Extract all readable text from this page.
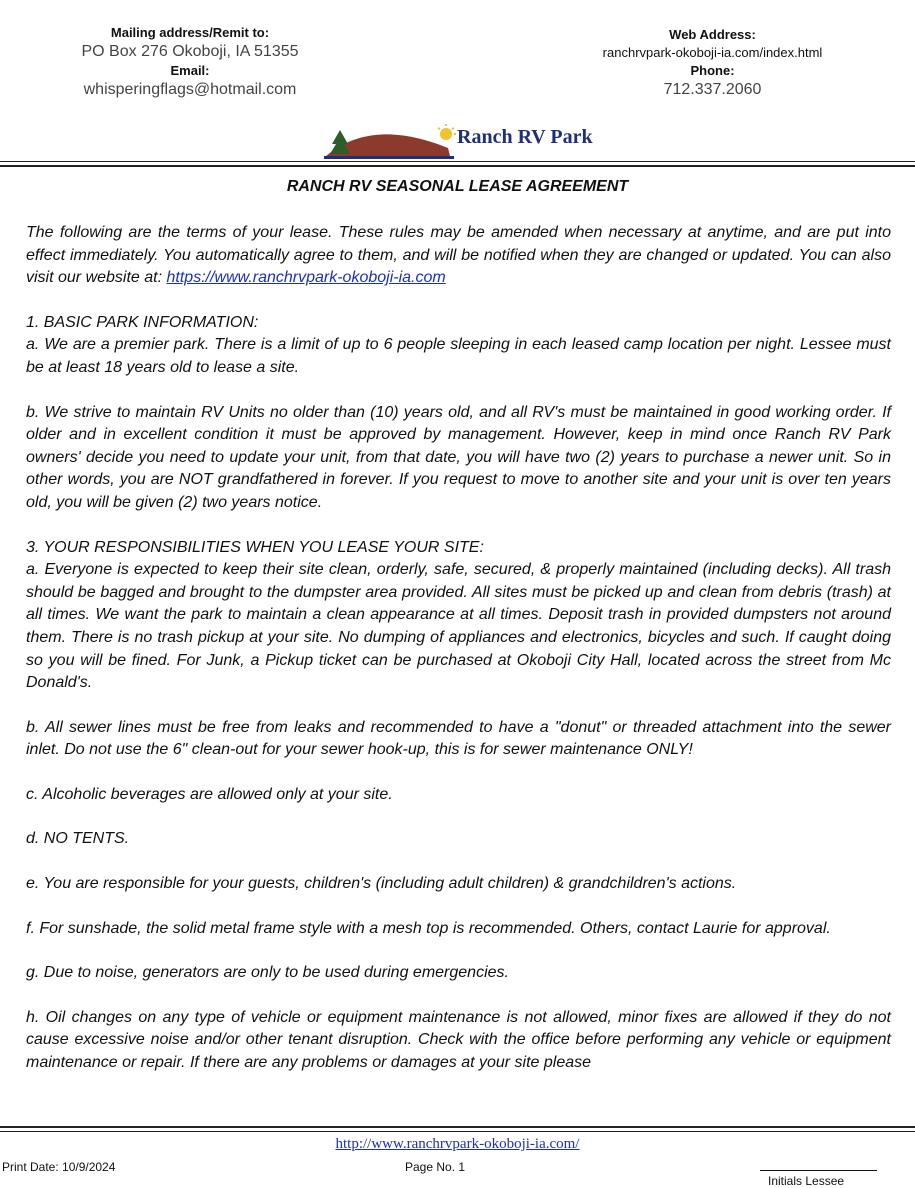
Mailing address/Remit to:
PO Box 276 Okoboji, IA 51355
Email:
whisperingflags@hotmail.com
Web Address:
ranchrvpark-okoboji-ia.com/index.html
Phone:
712.337.2060
Ranch RV Park
RANCH RV SEASONAL LEASE AGREEMENT

The following are the terms of your lease. These rules may be amended when necessary at anytime, and are put into effect immediately. You automatically agree to them, and will be notified when they are changed or updated. You can also visit our website at: https://www.ranchrvpark-okoboji-ia.com

1. BASIC PARK INFORMATION:

a. We are a premier park. There is a limit of up to 6 people sleeping in each leased camp location per night. Lessee must be at least 18 years old to lease a site.

b. We strive to maintain RV Units no older than (10) years old, and all RV's must be maintained in good working order. If older and in excellent condition it must be approved by management. However, keep in mind once Ranch RV Park owners' decide you need to update your unit, from that date, you will have two (2) years to purchase a newer unit. So in other words, you are NOT grandfathered in forever. If you request to move to another site and your unit is over ten years old, you will be given (2) two years notice.

3. YOUR RESPONSIBILITIES WHEN YOU LEASE YOUR SITE:

a. Everyone is expected to keep their site clean, orderly, safe, secured, & properly maintained (including decks). All trash should be bagged and brought to the dumpster area provided. All sites must be picked up and clean from debris (trash) at all times. We want the park to maintain a clean appearance at all times. Deposit trash in provided dumpsters not around them. There is no trash pickup at your site. No dumping of appliances and electronics, bicycles and such. If caught doing so you will be fined. For Junk, a Pickup ticket can be purchased at Okoboji City Hall, located across the street from Mc Donald's.

b. All sewer lines must be free from leaks and recommended to have a "donut" or threaded attachment into the sewer inlet. Do not use the 6" clean-out for your sewer hook-up, this is for sewer maintenance ONLY!

c. Alcoholic beverages are allowed only at your site.

d. NO TENTS.

e. You are responsible for your guests, children's (including adult children) & grandchildren's actions.

f. For sunshade, the solid metal frame style with a mesh top is recommended. Others, contact Laurie for approval.

g. Due to noise, generators are only to be used during emergencies.

h. Oil changes on any type of vehicle or equipment maintenance is not allowed, minor fixes are allowed if they do not cause excessive noise and/or other tenant disruption. Check with the office before performing any vehicle or equipment maintenance or repair. If there are any problems or damages at your site please

http://www.ranchrvpark-okoboji-ia.com/
Print Date: 10/9/2024	Page No. 1
Initials Lessee
